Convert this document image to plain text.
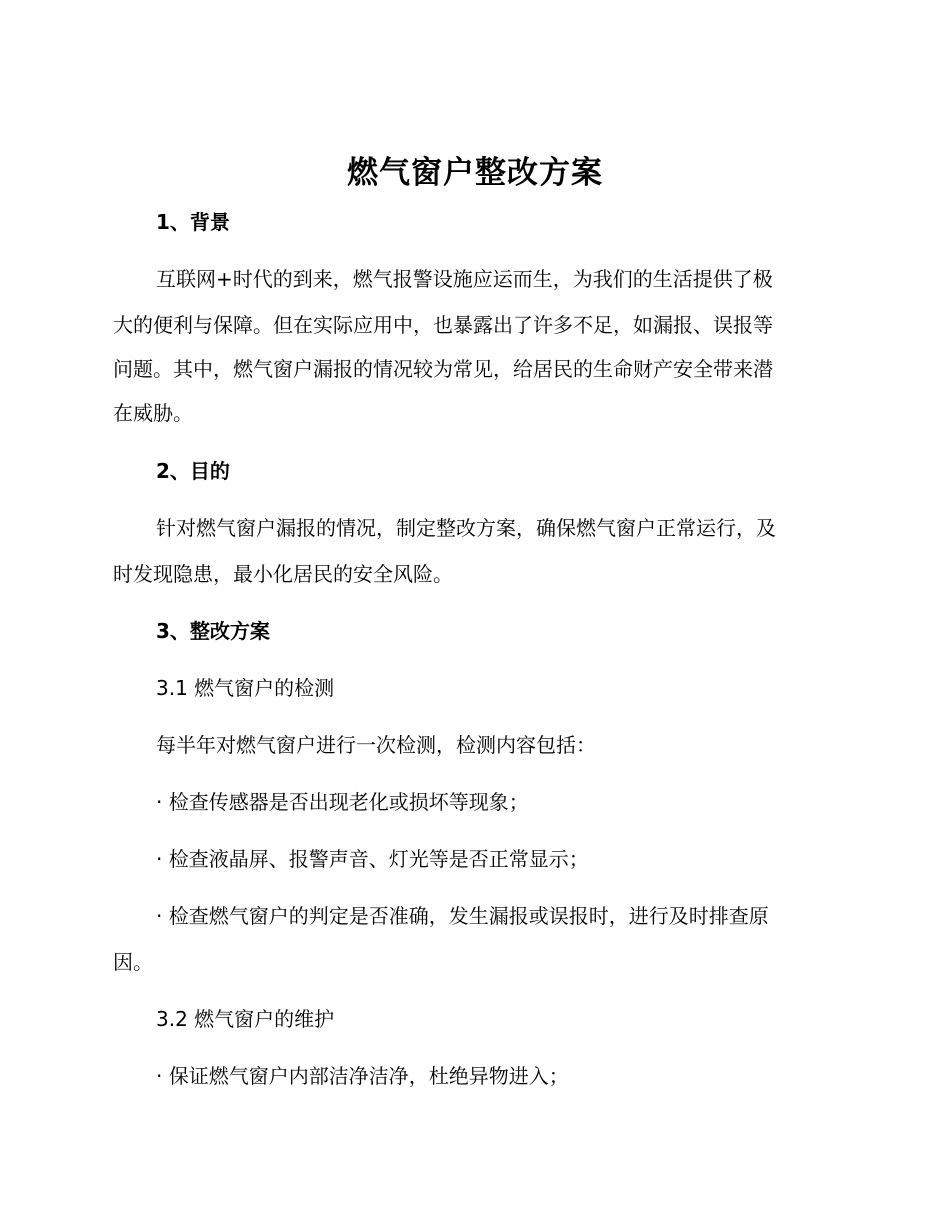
燃气窗户整改方案
1、背景
互联网+时代的到来，燃气报警设施应运而生，为我们的生活提供了极
大的便利与保障。但在实际应用中，也暴露出了许多不足，如漏报、误报等
问题。其中，燃气窗户漏报的情况较为常见，给居民的生命财产安全带来潜
在威胁。
2、目的
针对燃气窗户漏报的情况，制定整改方案，确保燃气窗户正常运行，及
时发现隐患，最小化居民的安全风险。
3、整改方案
3.1 燃气窗户的检测
每半年对燃气窗户进行一次检测，检测内容包括：
· 检查传感器是否出现老化或损坏等现象；
· 检查液晶屏、报警声音、灯光等是否正常显示；
· 检查燃气窗户的判定是否准确，发生漏报或误报时，进行及时排查原
因。
3.2 燃气窗户的维护
· 保证燃气窗户内部洁净洁净，杜绝异物进入；
